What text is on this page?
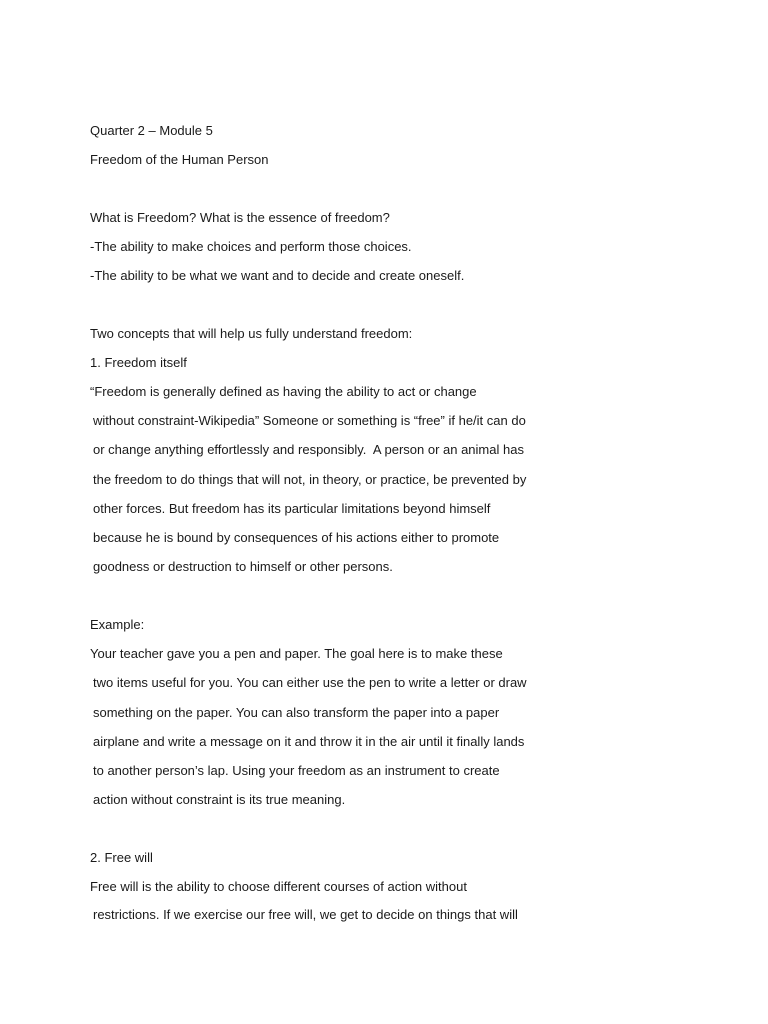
Quarter 2 – Module 5
Freedom of the Human Person
What is Freedom? What is the essence of freedom?
-The ability to make choices and perform those choices.
-The ability to be what we want and to decide and create oneself.
Two concepts that will help us fully understand freedom:
1. Freedom itself
“Freedom is generally defined as having the ability to act or change
without constraint-Wikipedia” Someone or something is “free” if he/it can do
or change anything effortlessly and responsibly.  A person or an animal has
the freedom to do things that will not, in theory, or practice, be prevented by
other forces. But freedom has its particular limitations beyond himself
because he is bound by consequences of his actions either to promote
goodness or destruction to himself or other persons.
Example:
Your teacher gave you a pen and paper. The goal here is to make these
two items useful for you. You can either use the pen to write a letter or draw
something on the paper. You can also transform the paper into a paper
airplane and write a message on it and throw it in the air until it finally lands
to another person’s lap. Using your freedom as an instrument to create
action without constraint is its true meaning.
2. Free will
Free will is the ability to choose different courses of action without
restrictions. If we exercise our free will, we get to decide on things that will
